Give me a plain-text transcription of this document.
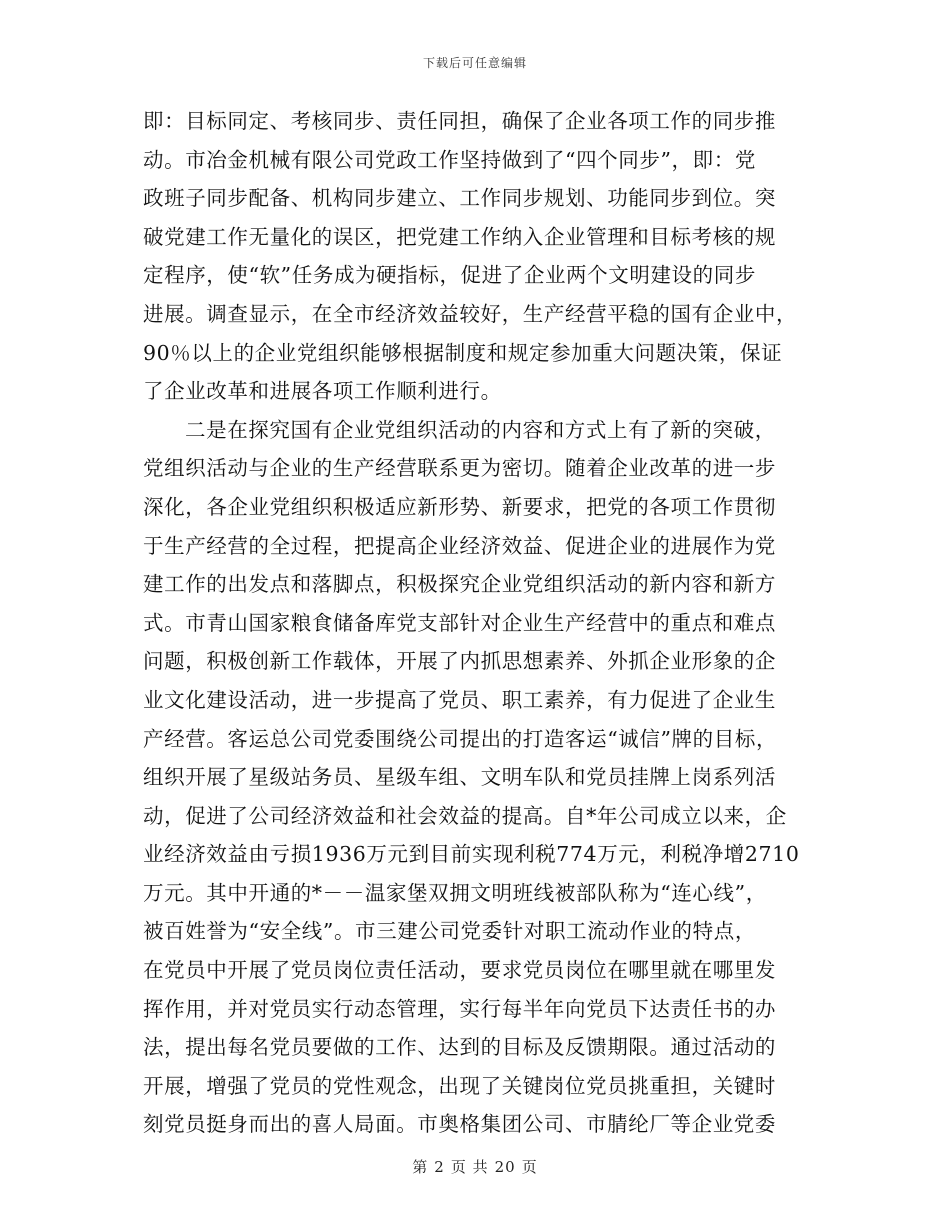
下载后可任意编辑

即：目标同定、考核同步、责任同担，确保了企业各项工作的同步推

动。市冶金机械有限公司党政工作坚持做到了“四个同步”，即：党

政班子同步配备、机构同步建立、工作同步规划、功能同步到位。突

破党建工作无量化的误区，把党建工作纳入企业管理和目标考核的规

定程序，使“软”任务成为硬指标，促进了企业两个文明建设的同步

进展。调查显示，在全市经济效益较好，生产经营平稳的国有企业中，

90％以上的企业党组织能够根据制度和规定参加重大问题决策，保证

了企业改革和进展各项工作顺利进行。

二是在探究国有企业党组织活动的内容和方式上有了新的突破，

党组织活动与企业的生产经营联系更为密切。随着企业改革的进一步

深化，各企业党组织积极适应新形势、新要求，把党的各项工作贯彻

于生产经营的全过程，把提高企业经济效益、促进企业的进展作为党

建工作的出发点和落脚点，积极探究企业党组织活动的新内容和新方

式。市青山国家粮食储备库党支部针对企业生产经营中的重点和难点

问题，积极创新工作载体，开展了内抓思想素养、外抓企业形象的企

业文化建设活动，进一步提高了党员、职工素养，有力促进了企业生

产经营。客运总公司党委围绕公司提出的打造客运“诚信”牌的目标，

组织开展了星级站务员、星级车组、文明车队和党员挂牌上岗系列活

动，促进了公司经济效益和社会效益的提高。自*年公司成立以来，企

业经济效益由亏损1936万元到目前实现利税774万元，利税净增2710

万元。其中开通的*－－温家堡双拥文明班线被部队称为“连心线”，

被百姓誉为“安全线”。市三建公司党委针对职工流动作业的特点，

在党员中开展了党员岗位责任活动，要求党员岗位在哪里就在哪里发

挥作用，并对党员实行动态管理，实行每半年向党员下达责任书的办

法，提出每名党员要做的工作、达到的目标及反馈期限。通过活动的

开展，增强了党员的党性观念，出现了关键岗位党员挑重担，关键时

刻党员挺身而出的喜人局面。市奥格集团公司、市腈纶厂等企业党委

第 2 页 共 20 页
